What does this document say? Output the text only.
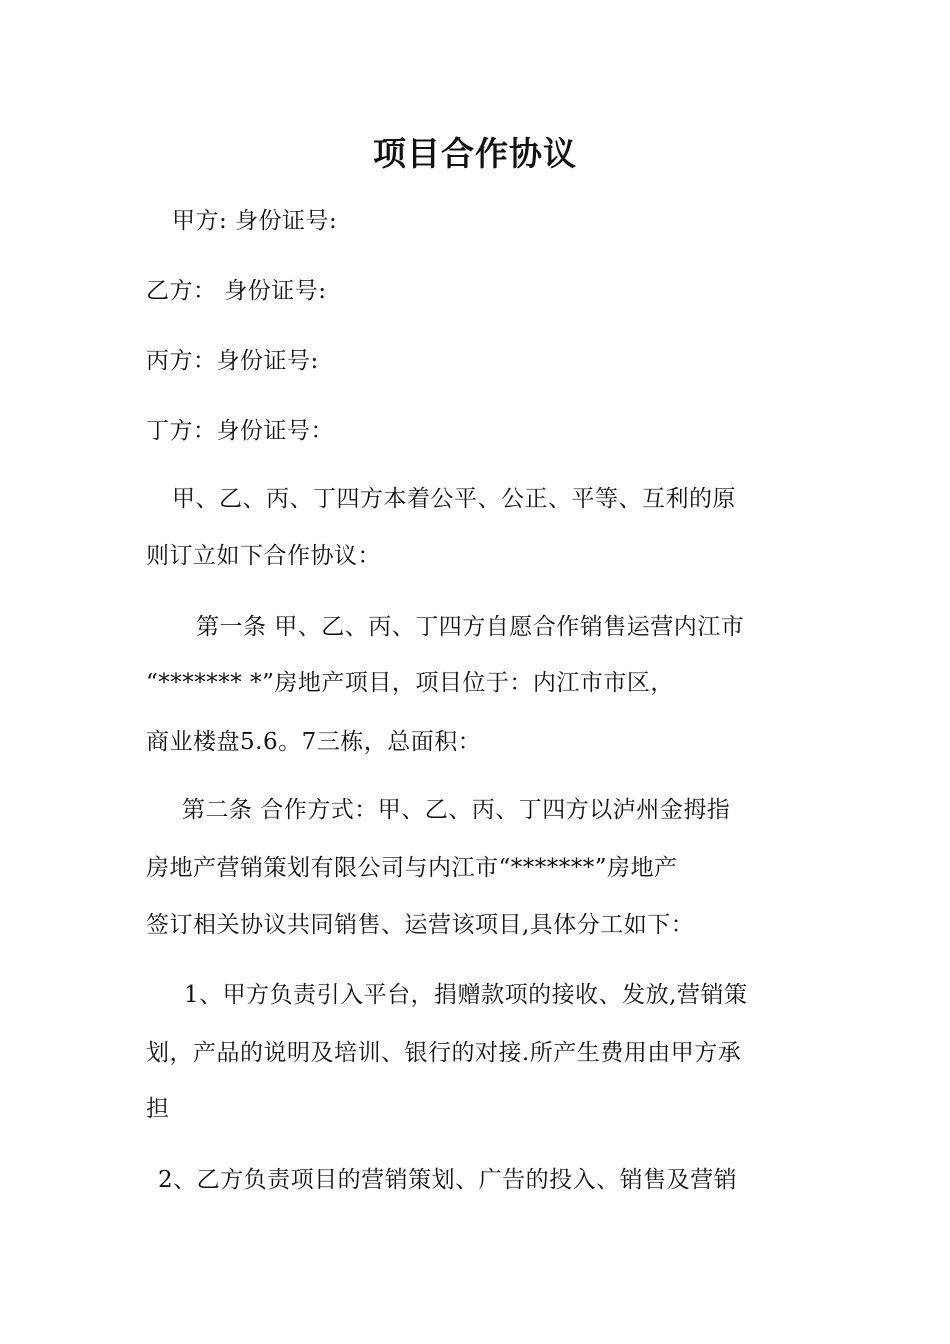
项目合作协议
甲方: 身份证号:
乙方： 身份证号:
丙方：身份证号:
丁方：身份证号：
甲、乙、丙、丁四方本着公平、公正、平等、互利的原
则订立如下合作协议：
第一条 甲、乙、丙、丁四方自愿合作销售运营内江市
“******* *”房地产项目，项目位于：内江市市区，
商业楼盘5.6。7三栋，总面积：
第二条 合作方式：甲、乙、丙、丁四方以泸州金拇指
房地产营销策划有限公司与内江市“*******”房地产
签订相关协议共同销售、运营该项目,具体分工如下：
1、甲方负责引入平台，捐赠款项的接收、发放,营销策
划，产品的说明及培训、银行的对接.所产生费用由甲方承
担
2、乙方负责项目的营销策划、广告的投入、销售及营销
